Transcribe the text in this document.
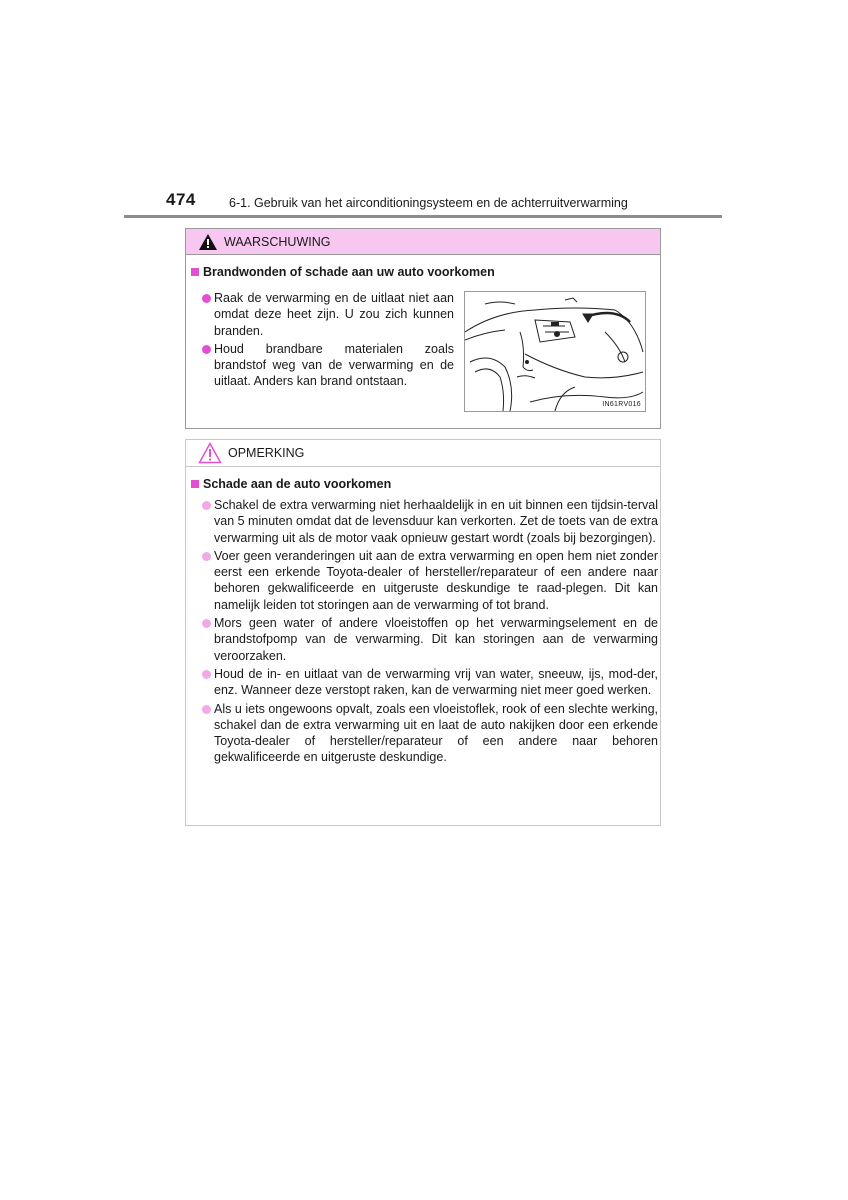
474	6-1. Gebruik van het airconditioningsysteem en de achterruitverwarming
WAARSCHUWING
Brandwonden of schade aan uw auto voorkomen
Raak de verwarming en de uitlaat niet aan omdat deze heet zijn. U zou zich kunnen branden.
Houd brandbare materialen zoals brandstof weg van de verwarming en de uitlaat. Anders kan brand ontstaan.
IN61RV016
OPMERKING
Schade aan de auto voorkomen
Schakel de extra verwarming niet herhaaldelijk in en uit binnen een tijdsin-terval van 5 minuten omdat dat de levensduur kan verkorten. Zet de toets van de extra verwarming uit als de motor vaak opnieuw gestart wordt (zoals bij bezorgingen).
Voer geen veranderingen uit aan de extra verwarming en open hem niet zonder eerst een erkende Toyota-dealer of hersteller/reparateur of een andere naar behoren gekwalificeerde en uitgeruste deskundige te raad-plegen. Dit kan namelijk leiden tot storingen aan de verwarming of tot brand.
Mors geen water of andere vloeistoffen op het verwarmingselement en de brandstofpomp van de verwarming. Dit kan storingen aan de verwarming veroorzaken.
Houd de in- en uitlaat van de verwarming vrij van water, sneeuw, ijs, mod-der, enz. Wanneer deze verstopt raken, kan de verwarming niet meer goed werken.
Als u iets ongewoons opvalt, zoals een vloeistoflek, rook of een slechte werking, schakel dan de extra verwarming uit en laat de auto nakijken door een erkende Toyota-dealer of hersteller/reparateur of een andere naar behoren gekwalificeerde en uitgeruste deskundige.
